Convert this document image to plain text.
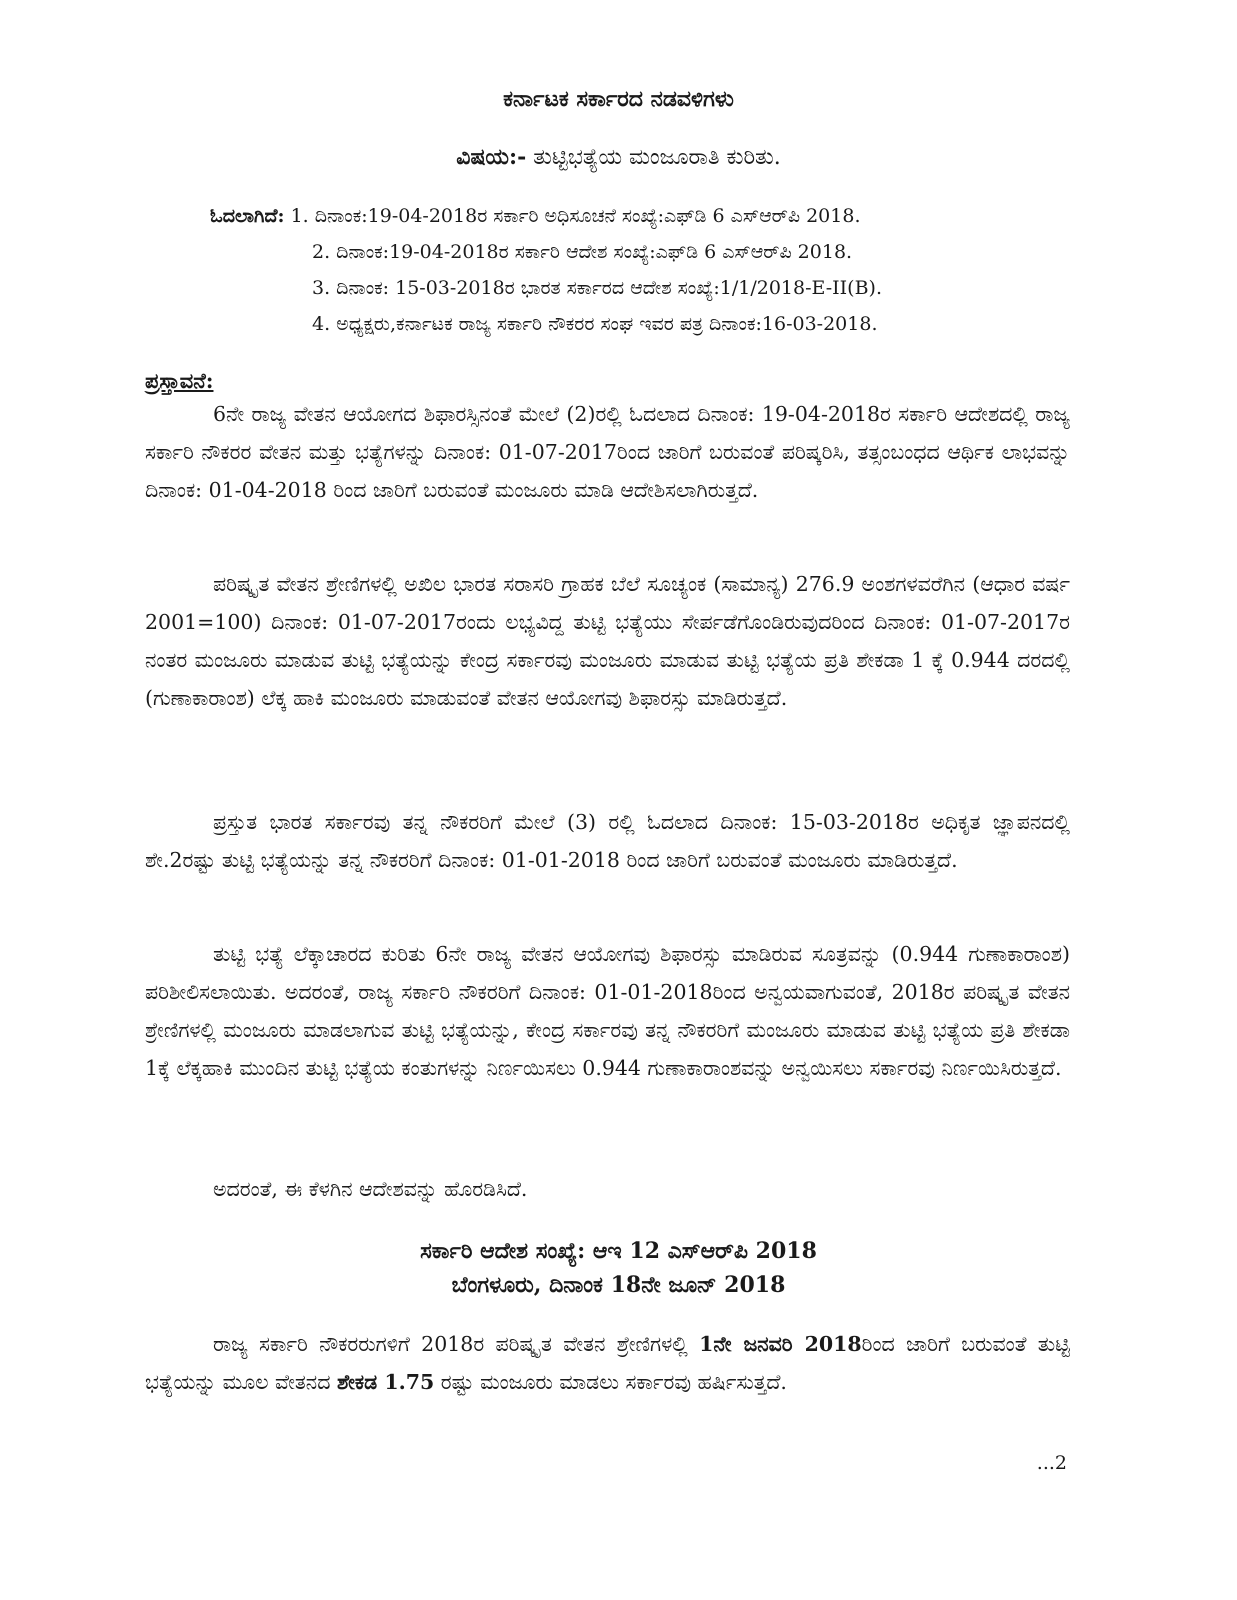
ಕರ್ನಾಟಕ ಸರ್ಕಾರದ ನಡವಳಿಗಳು
ವಿಷಯ:- ತುಟ್ಟಿಭತ್ಯೆಯ ಮಂಜೂರಾತಿ ಕುರಿತು.
ಓದಲಾಗಿದೆ: 1. ದಿನಾಂಕ:19-04-2018ರ ಸರ್ಕಾರಿ ಅಧಿಸೂಚನೆ ಸಂಖ್ಯೆ:ಎಫ್‌ಡಿ 6 ಎಸ್‌ಆರ್‌ಪಿ 2018.
2. ದಿನಾಂಕ:19-04-2018ರ ಸರ್ಕಾರಿ ಆದೇಶ ಸಂಖ್ಯೆ:ಎಫ್‌ಡಿ 6 ಎಸ್‌ಆರ್‌ಪಿ 2018.
3. ದಿನಾಂಕ: 15-03-2018ರ ಭಾರತ ಸರ್ಕಾರದ ಆದೇಶ ಸಂಖ್ಯೆ:1/1/2018-E-II(B).
4. ಅಧ್ಯಕ್ಷರು,ಕರ್ನಾಟಕ ರಾಜ್ಯ ಸರ್ಕಾರಿ ನೌಕರರ ಸಂಘ ಇವರ ಪತ್ರ ದಿನಾಂಕ:16-03-2018.
ಪ್ರಸ್ತಾವನೆ:
6ನೇ ರಾಜ್ಯ ವೇತನ ಆಯೋಗದ ಶಿಫಾರಸ್ಸಿನಂತೆ ಮೇಲೆ (2)ರಲ್ಲಿ ಓದಲಾದ ದಿನಾಂಕ: 19-04-2018ರ ಸರ್ಕಾರಿ ಆದೇಶದಲ್ಲಿ ರಾಜ್ಯ ಸರ್ಕಾರಿ ನೌಕರರ ವೇತನ ಮತ್ತು ಭತ್ಯೆಗಳನ್ನು ದಿನಾಂಕ: 01-07-2017ರಿಂದ ಜಾರಿಗೆ ಬರುವಂತೆ ಪರಿಷ್ಕರಿಸಿ, ತತ್ಸಂಬಂಧದ ಆರ್ಥಿಕ ಲಾಭವನ್ನು ದಿನಾಂಕ: 01-04-2018 ರಿಂದ ಜಾರಿಗೆ ಬರುವಂತೆ ಮಂಜೂರು ಮಾಡಿ ಆದೇಶಿಸಲಾಗಿರುತ್ತದೆ.
ಪರಿಷ್ಕೃತ ವೇತನ ಶ್ರೇಣಿಗಳಲ್ಲಿ ಅಖಿಲ ಭಾರತ ಸರಾಸರಿ ಗ್ರಾಹಕ ಬೆಲೆ ಸೂಚ್ಯಂಕ (ಸಾಮಾನ್ಯ) 276.9 ಅಂಶಗಳವರೆಗಿನ (ಆಧಾರ ವರ್ಷ 2001=100) ದಿನಾಂಕ: 01-07-2017ರಂದು ಲಭ್ಯವಿದ್ದ ತುಟ್ಟಿ ಭತ್ಯೆಯು ಸೇರ್ಪಡೆಗೊಂಡಿರುವುದರಿಂದ ದಿನಾಂಕ: 01-07-2017ರ ನಂತರ ಮಂಜೂರು ಮಾಡುವ ತುಟ್ಟಿ ಭತ್ಯೆಯನ್ನು ಕೇಂದ್ರ ಸರ್ಕಾರವು ಮಂಜೂರು ಮಾಡುವ ತುಟ್ಟಿ ಭತ್ಯೆಯ ಪ್ರತಿ ಶೇಕಡಾ 1 ಕ್ಕೆ 0.944 ದರದಲ್ಲಿ (ಗುಣಾಕಾರಾಂಶ) ಲೆಕ್ಕ ಹಾಕಿ ಮಂಜೂರು ಮಾಡುವಂತೆ ವೇತನ ಆಯೋಗವು ಶಿಫಾರಸ್ಸು ಮಾಡಿರುತ್ತದೆ.
ಪ್ರಸ್ತುತ ಭಾರತ ಸರ್ಕಾರವು ತನ್ನ ನೌಕರರಿಗೆ ಮೇಲೆ (3) ರಲ್ಲಿ ಓದಲಾದ ದಿನಾಂಕ: 15-03-2018ರ ಅಧಿಕೃತ ಜ್ಞಾಪನದಲ್ಲಿ ಶೇ.2ರಷ್ಟು ತುಟ್ಟಿ ಭತ್ಯೆಯನ್ನು ತನ್ನ ನೌಕರರಿಗೆ ದಿನಾಂಕ: 01-01-2018 ರಿಂದ ಜಾರಿಗೆ ಬರುವಂತೆ ಮಂಜೂರು ಮಾಡಿರುತ್ತದೆ.
ತುಟ್ಟಿ ಭತ್ಯೆ ಲೆಕ್ಕಾಚಾರದ ಕುರಿತು 6ನೇ ರಾಜ್ಯ ವೇತನ ಆಯೋಗವು ಶಿಫಾರಸ್ಸು ಮಾಡಿರುವ ಸೂತ್ರವನ್ನು (0.944 ಗುಣಾಕಾರಾಂಶ) ಪರಿಶೀಲಿಸಲಾಯಿತು. ಅದರಂತೆ, ರಾಜ್ಯ ಸರ್ಕಾರಿ ನೌಕರರಿಗೆ ದಿನಾಂಕ: 01-01-2018ರಿಂದ ಅನ್ವಯವಾಗುವಂತೆ, 2018ರ ಪರಿಷ್ಕೃತ ವೇತನ ಶ್ರೇಣಿಗಳಲ್ಲಿ ಮಂಜೂರು ಮಾಡಲಾಗುವ ತುಟ್ಟಿ ಭತ್ಯೆಯನ್ನು, ಕೇಂದ್ರ ಸರ್ಕಾರವು ತನ್ನ ನೌಕರರಿಗೆ ಮಂಜೂರು ಮಾಡುವ ತುಟ್ಟಿ ಭತ್ಯೆಯ ಪ್ರತಿ ಶೇಕಡಾ 1ಕ್ಕೆ ಲೆಕ್ಕಹಾಕಿ ಮುಂದಿನ ತುಟ್ಟಿ ಭತ್ಯೆಯ ಕಂತುಗಳನ್ನು ನಿರ್ಣಯಿಸಲು 0.944 ಗುಣಾಕಾರಾಂಶವನ್ನು ಅನ್ವಯಿಸಲು ಸರ್ಕಾರವು ನಿರ್ಣಯಿಸಿರುತ್ತದೆ.
ಅದರಂತೆ, ಈ ಕೆಳಗಿನ ಆದೇಶವನ್ನು ಹೊರಡಿಸಿದೆ.
ಸರ್ಕಾರಿ ಆದೇಶ ಸಂಖ್ಯೆ: ಆಇ 12 ಎಸ್‌ಆರ್‌ಪಿ 2018
ಬೆಂಗಳೂರು, ದಿನಾಂಕ 18ನೇ ಜೂನ್ 2018
ರಾಜ್ಯ ಸರ್ಕಾರಿ ನೌಕರರುಗಳಿಗೆ 2018ರ ಪರಿಷ್ಕೃತ ವೇತನ ಶ್ರೇಣಿಗಳಲ್ಲಿ 1ನೇ ಜನವರಿ 2018ರಿಂದ ಜಾರಿಗೆ ಬರುವಂತೆ ತುಟ್ಟಿ ಭತ್ಯೆಯನ್ನು ಮೂಲ ವೇತನದ ಶೇಕಡ 1.75 ರಷ್ಟು ಮಂಜೂರು ಮಾಡಲು ಸರ್ಕಾರವು ಹರ್ಷಿಸುತ್ತದೆ.
...2
